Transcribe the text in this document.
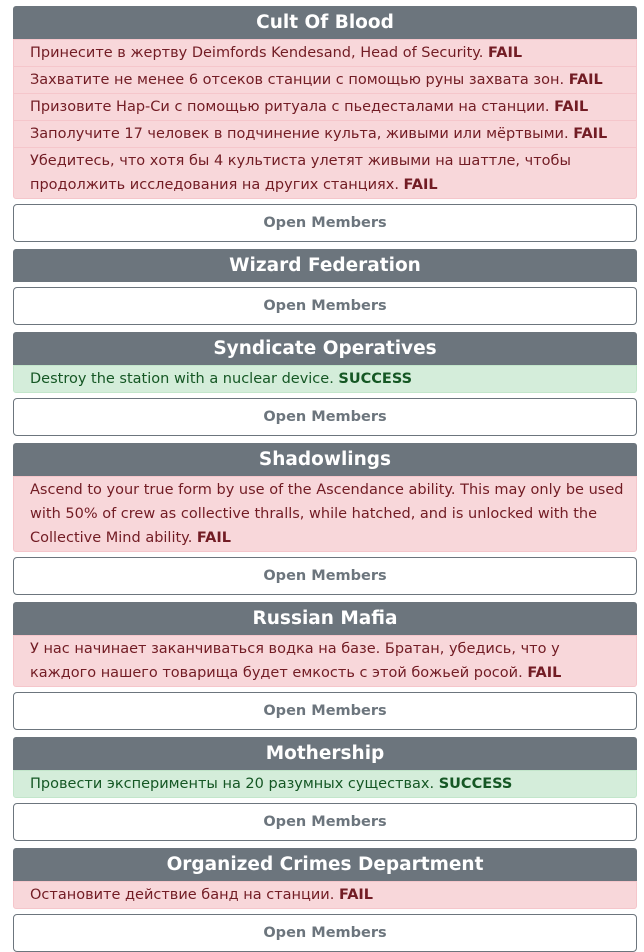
Cult Of Blood
Принесите в жертву Deimfords Kendesand, Head of Security. FAIL
Захватите не менее 6 отсеков станции с помощью руны захвата зон. FAIL
Призовите Нар-Си с помощью ритуала с пьедесталами на станции. FAIL
Заполучите 17 человек в подчинение культа, живыми или мёртвыми. FAIL
Убедитесь, что хотя бы 4 культиста улетят живыми на шаттле, чтобы продолжить исследования на других станциях. FAIL
Open Members
Wizard Federation
Open Members
Syndicate Operatives
Destroy the station with a nuclear device. SUCCESS
Open Members
Shadowlings
Ascend to your true form by use of the Ascendance ability. This may only be used with 50% of crew as collective thralls, while hatched, and is unlocked with the Collective Mind ability. FAIL
Open Members
Russian Mafia
У нас начинает заканчиваться водка на базе. Братан, убедись, что у каждого нашего товарища будет емкость с этой божьей росой. FAIL
Open Members
Mothership
Провести эксперименты на 20 разумных существах. SUCCESS
Open Members
Organized Crimes Department
Остановите действие банд на станции. FAIL
Open Members
